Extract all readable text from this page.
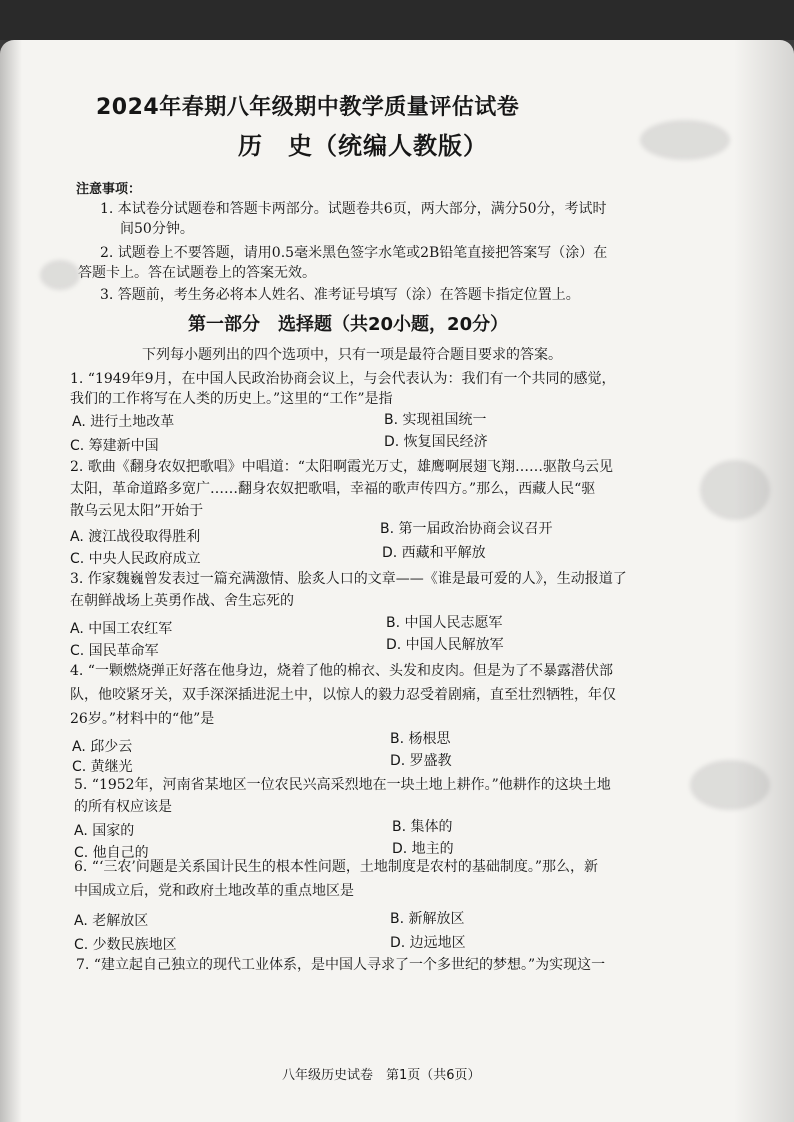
2024年春期八年级期中教学质量评估试卷
历　史（统编人教版）
注意事项：
1. 本试卷分试题卷和答题卡两部分。试题卷共6页，两大部分，满分50分，考试时
间50分钟。
2. 试题卷上不要答题，请用0.5毫米黑色签字水笔或2B铅笔直接把答案写（涂）在
答题卡上。答在试题卷上的答案无效。
3. 答题前，考生务必将本人姓名、准考证号填写（涂）在答题卡指定位置上。
第一部分　选择题（共20小题，20分）
下列每小题列出的四个选项中，只有一项是最符合题目要求的答案。
1. “1949年9月，在中国人民政治协商会议上，与会代表认为：我们有一个共同的感觉，
我们的工作将写在人类的历史上。”这里的“工作”是指
A. 进行土地改革	B. 实现祖国统一
C. 筹建新中国	D. 恢复国民经济
2. 歌曲《翻身农奴把歌唱》中唱道：“太阳啊霞光万丈，雄鹰啊展翅飞翔……驱散乌云见
太阳，革命道路多宽广……翻身农奴把歌唱，幸福的歌声传四方。”那么，西藏人民“驱
散乌云见太阳”开始于
A. 渡江战役取得胜利	B. 第一届政治协商会议召开
C. 中央人民政府成立	D. 西藏和平解放
3. 作家魏巍曾发表过一篇充满激情、脍炙人口的文章——《谁是最可爱的人》，生动报道了
在朝鲜战场上英勇作战、舍生忘死的
A. 中国工农红军	B. 中国人民志愿军
C. 国民革命军	D. 中国人民解放军
4. “一颗燃烧弹正好落在他身边，烧着了他的棉衣、头发和皮肉。但是为了不暴露潜伏部
队，他咬紧牙关，双手深深插进泥土中，以惊人的毅力忍受着剧痛，直至壮烈牺牲，年仅
26岁。”材料中的“他”是
A. 邱少云	B. 杨根思
C. 黄继光	D. 罗盛教
5. “1952年，河南省某地区一位农民兴高采烈地在一块土地上耕作。”他耕作的这块土地
的所有权应该是
A. 国家的	B. 集体的
C. 他自己的	D. 地主的
6. “‘三农’问题是关系国计民生的根本性问题，土地制度是农村的基础制度。”那么，新
中国成立后，党和政府土地改革的重点地区是
A. 老解放区	B. 新解放区
C. 少数民族地区	D. 边远地区
7. “建立起自己独立的现代工业体系，是中国人寻求了一个多世纪的梦想。”为实现这一
八年级历史试卷　第1页（共6页）
